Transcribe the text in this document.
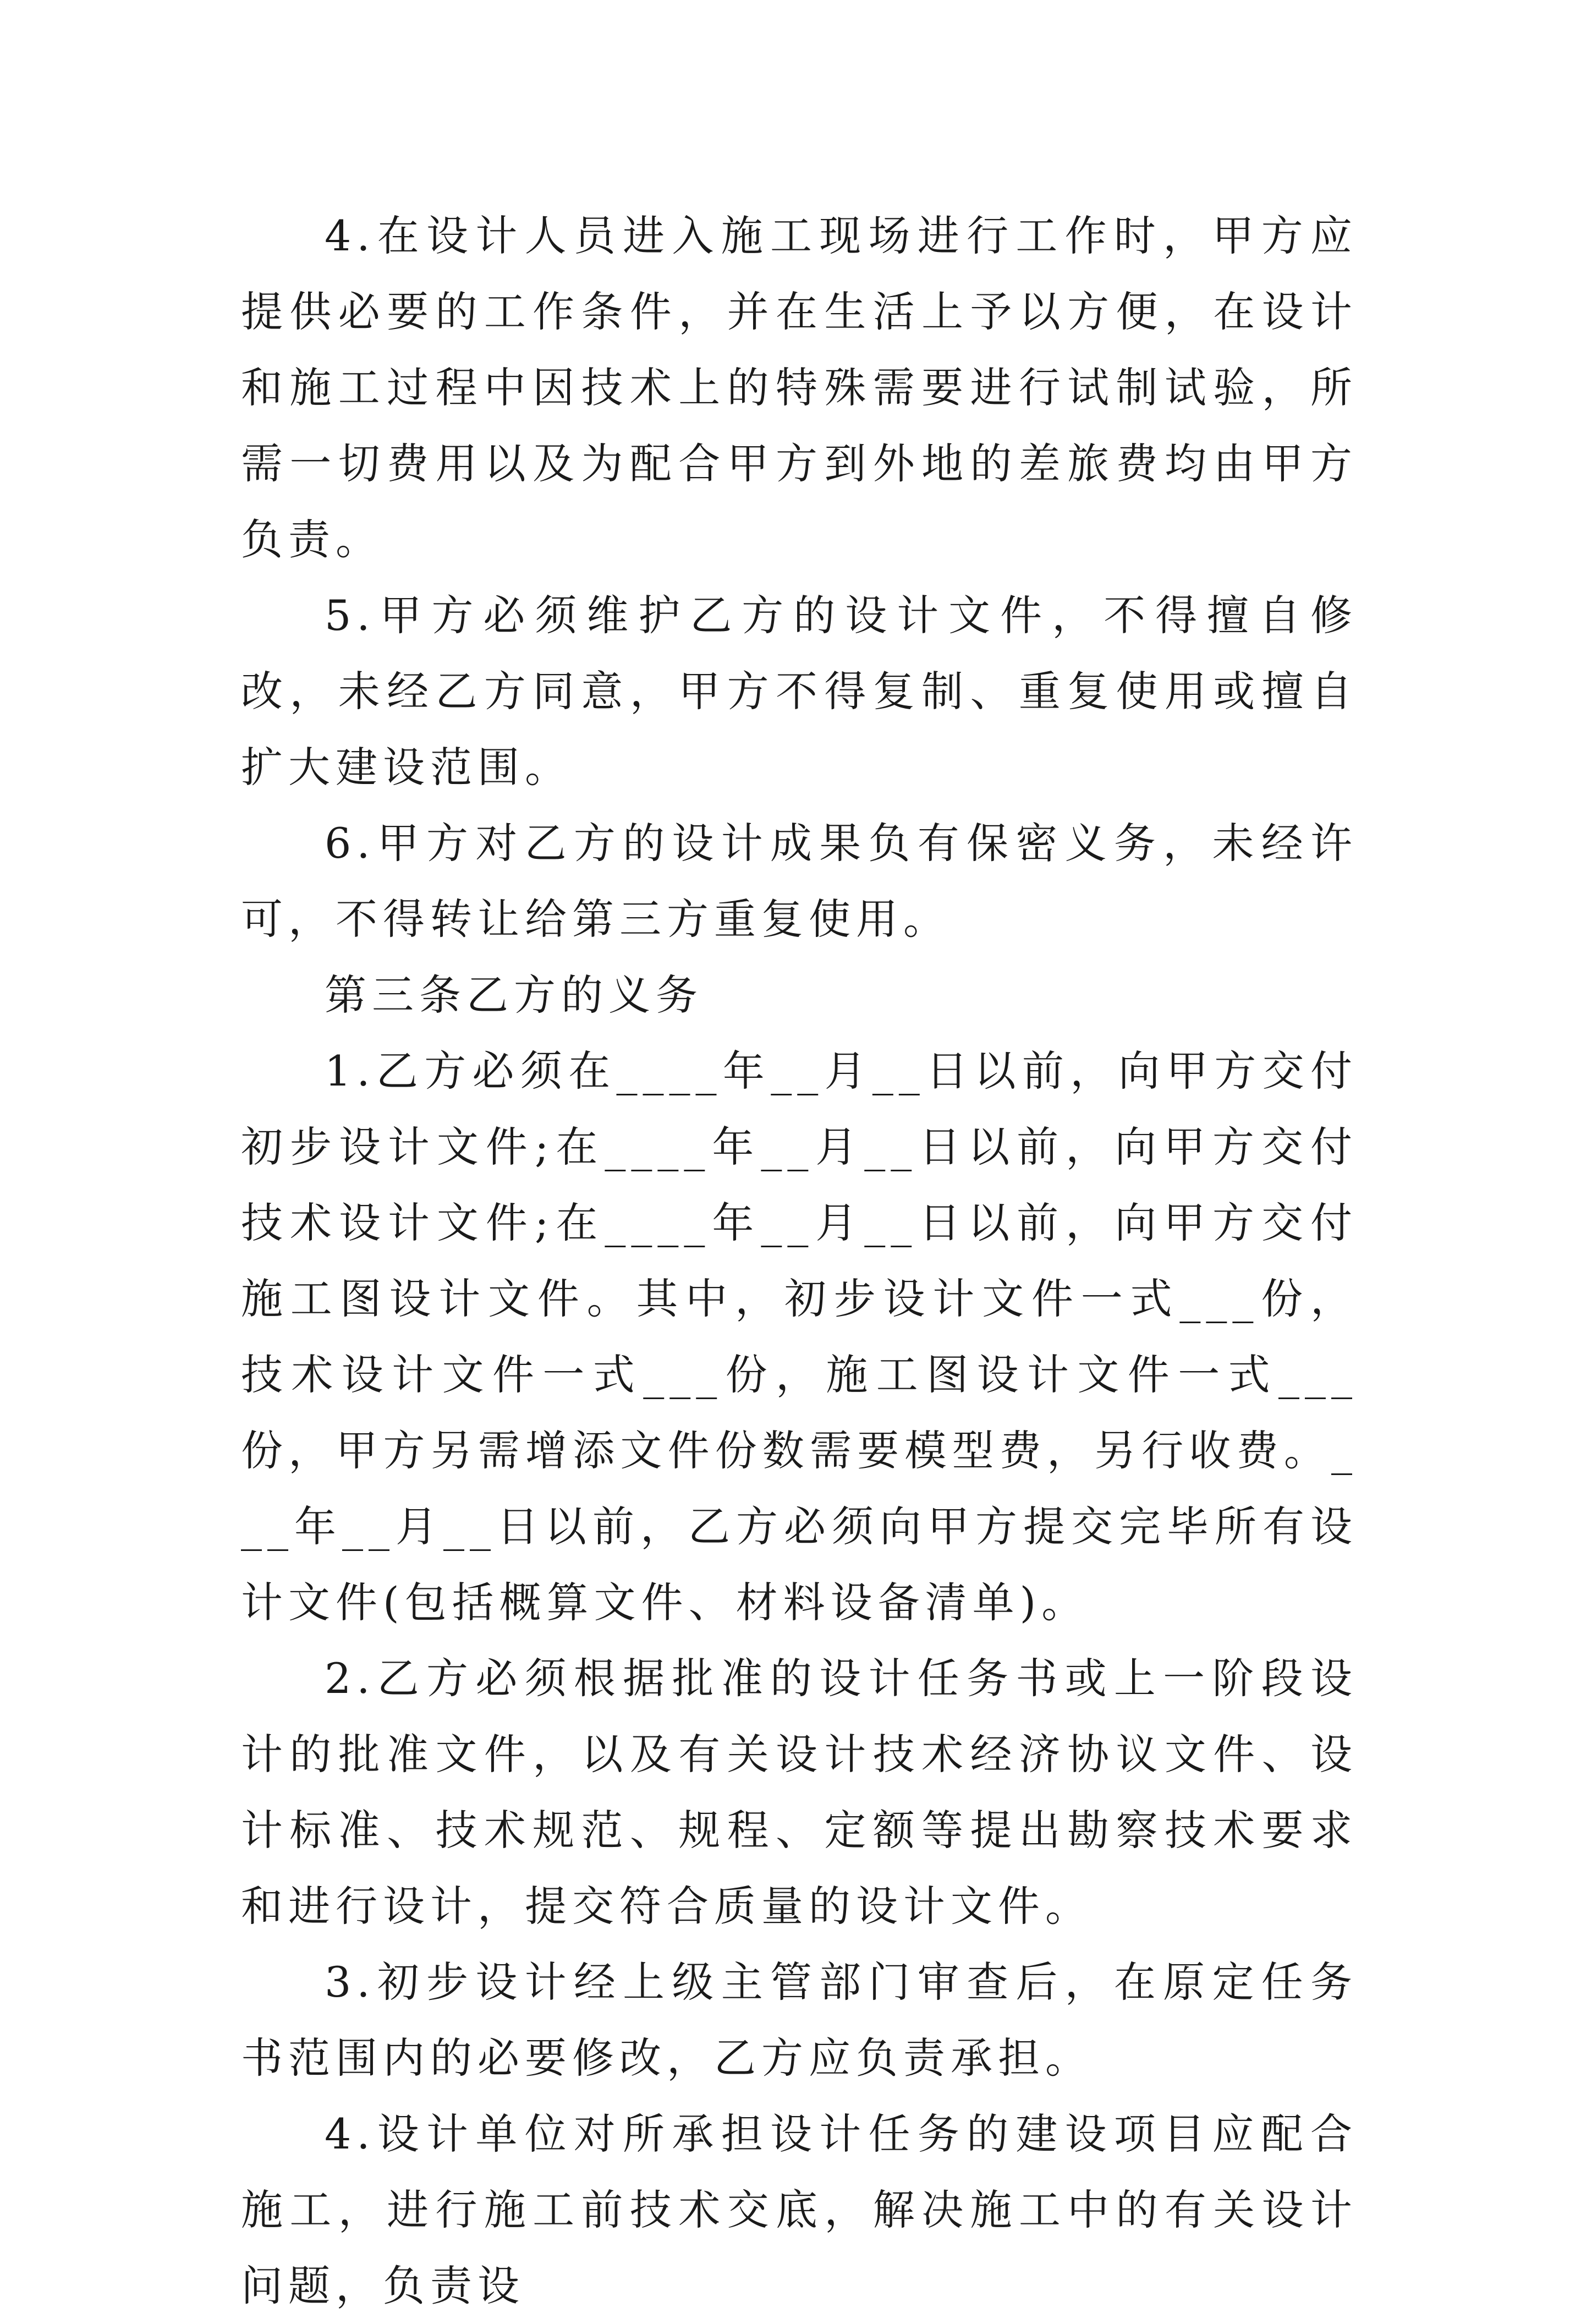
4.在设计人员进入施工现场进行工作时，甲方应提供必要的工作条件，并在生活上予以方便，在设计和施工过程中因技术上的特殊需要进行试制试验，所需一切费用以及为配合甲方到外地的差旅费均由甲方负责。

5.甲方必须维护乙方的设计文件，不得擅自修改，未经乙方同意，甲方不得复制、重复使用或擅自扩大建设范围。

6.甲方对乙方的设计成果负有保密义务，未经许可，不得转让给第三方重复使用。

第三条乙方的义务

1.乙方必须在____年__月__日以前，向甲方交付初步设计文件;在____年__月__日以前，向甲方交付技术设计文件;在____年__月__日以前，向甲方交付施工图设计文件。其中，初步设计文件一式___份，技术设计文件一式___份，施工图设计文件一式___份，甲方另需增添文件份数需要模型费，另行收费。___年__月__日以前，乙方必须向甲方提交完毕所有设计文件(包括概算文件、材料设备清单)。

2.乙方必须根据批准的设计任务书或上一阶段设计的批准文件，以及有关设计技术经济协议文件、设计标准、技术规范、规程、定额等提出勘察技术要求和进行设计，提交符合质量的设计文件。

3.初步设计经上级主管部门审查后，在原定任务书范围内的必要修改，乙方应负责承担。

4.设计单位对所承担设计任务的建设项目应配合施工，进行施工前技术交底，解决施工中的有关设计问题，负责设
